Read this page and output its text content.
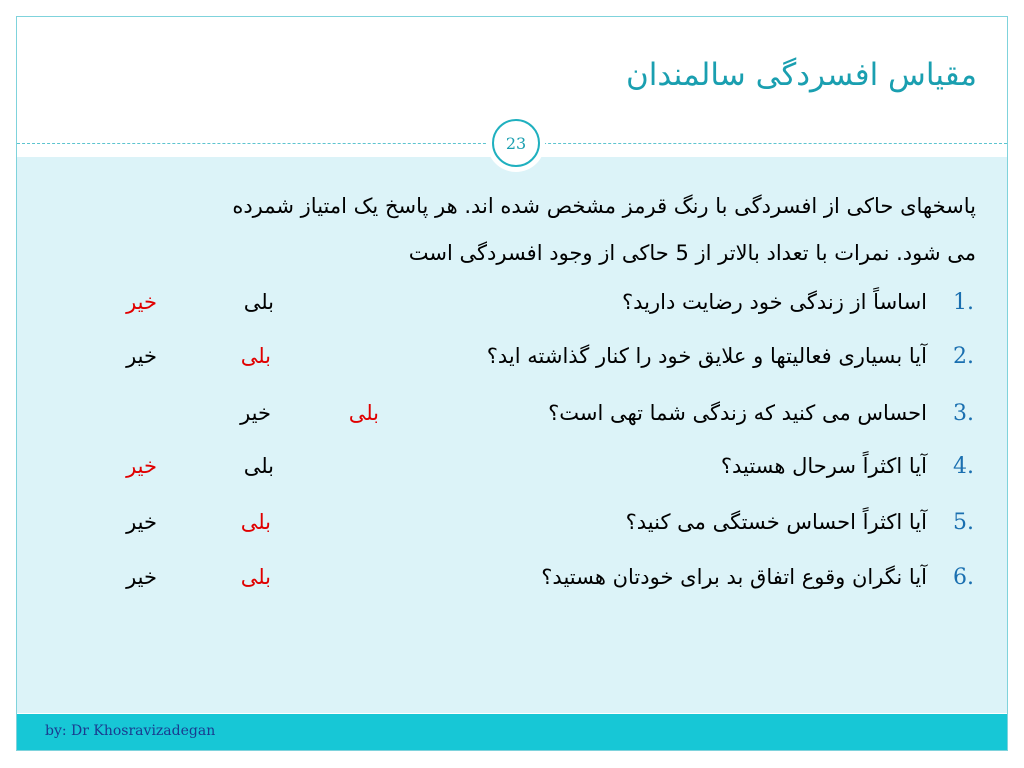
مقیاس افسردگی سالمندان
23
پاسخهای حاکی از افسردگی با رنگ قرمز مشخص شده اند. هر پاسخ یک امتیاز شمرده
می شود. نمرات با تعداد بالاتر از 5 حاکی از وجود افسردگی است
1.
اساساً از زندگی خود رضایت دارید؟
بلی
خیر
2.
آیا بسیاری فعالیتها و علایق خود را کنار گذاشته اید؟
بلی
خیر
3.
احساس می کنید که زندگی شما تهی است؟
بلی
خیر
4.
آیا اکثراً سرحال هستید؟
بلی
خیر
5.
آیا اکثراً احساس خستگی می کنید؟
بلی
خیر
6.
آیا نگران وقوع اتفاق بد برای خودتان هستید؟
بلی
خیر
by: Dr Khosravizadegan
